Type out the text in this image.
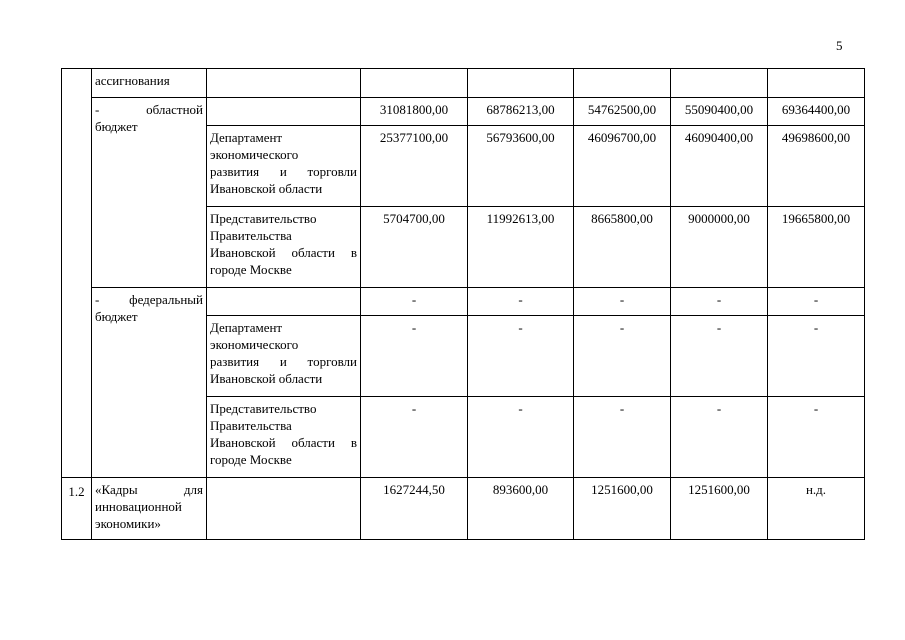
5
	ассигнования						

	- областной
бюджет		31081800,00	68786213,00	54762500,00	55090400,00	69364400,00

		Департамент
экономического
развития и торговли
Ивановской области	25377100,00	56793600,00	46096700,00	46090400,00	49698600,00

		Представительство
Правительства
Ивановской области в
городе Москве	5704700,00	11992613,00	8665800,00	9000000,00	19665800,00

	- федеральный
бюджет		-	-	-	-	-

		Департамент
экономического
развития и торговли
Ивановской области	-	-	-	-	-

		Представительство
Правительства
Ивановской области в
городе Москве	-	-	-	-	-
1.2	«Кадры для
инновационной
экономики»		1627244,50	893600,00	1251600,00	1251600,00	н.д.
